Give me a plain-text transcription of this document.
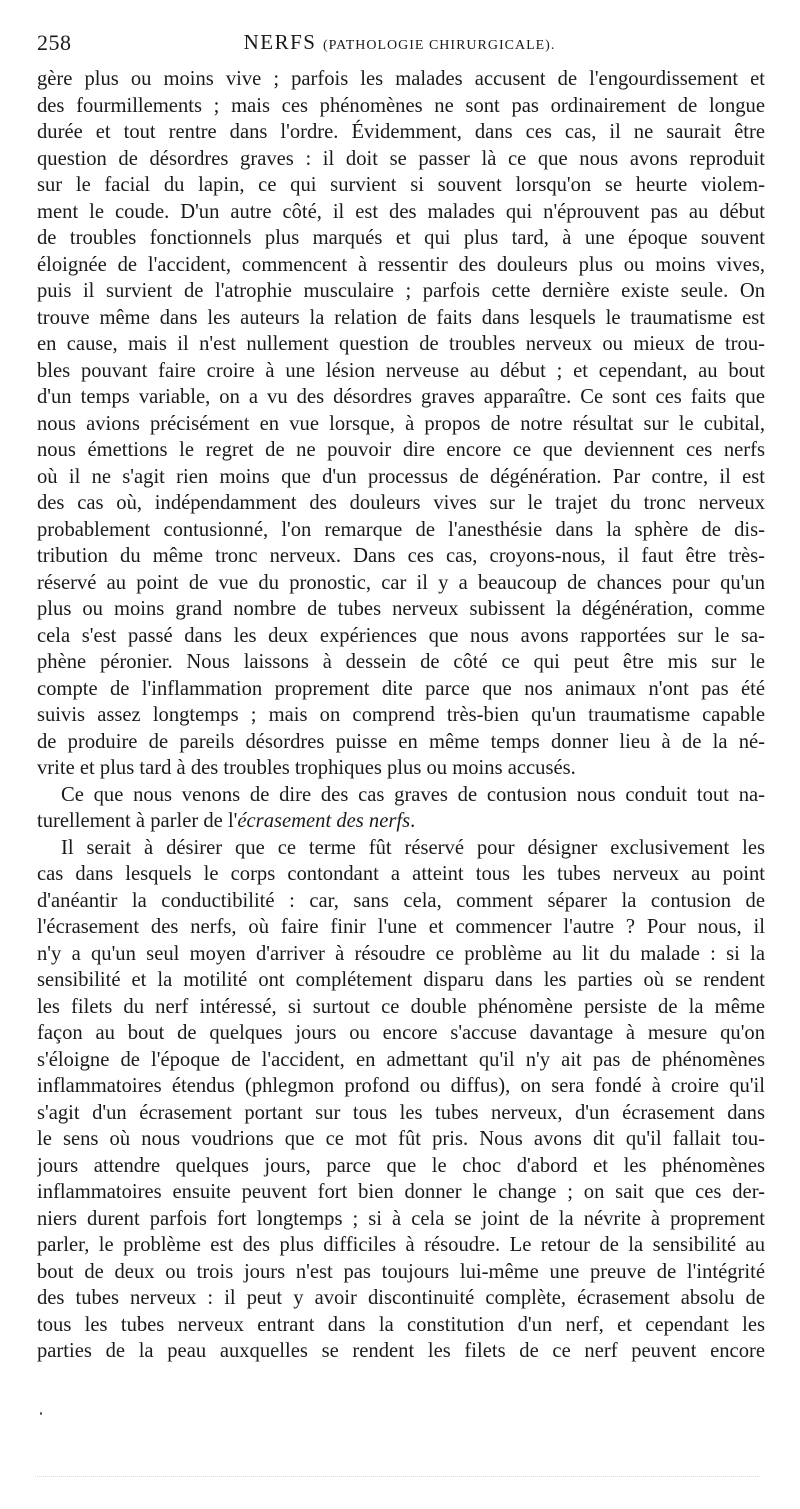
258	NERFS (PATHOLOGIE CHIRURGICALE).
gère plus ou moins vive ; parfois les malades accusent de l'engourdissement et
des fourmillements ; mais ces phénomènes ne sont pas ordinairement de longue
durée et tout rentre dans l'ordre. Évidemment, dans ces cas, il ne saurait être
question de désordres graves : il doit se passer là ce que nous avons reproduit
sur le facial du lapin, ce qui survient si souvent lorsqu'on se heurte violem-
ment le coude. D'un autre côté, il est des malades qui n'éprouvent pas au début
de troubles fonctionnels plus marqués et qui plus tard, à une époque souvent
éloignée de l'accident, commencent à ressentir des douleurs plus ou moins vives,
puis il survient de l'atrophie musculaire ; parfois cette dernière existe seule. On
trouve même dans les auteurs la relation de faits dans lesquels le traumatisme est
en cause, mais il n'est nullement question de troubles nerveux ou mieux de trou-
bles pouvant faire croire à une lésion nerveuse au début ; et cependant, au bout
d'un temps variable, on a vu des désordres graves apparaître. Ce sont ces faits que
nous avions précisément en vue lorsque, à propos de notre résultat sur le cubital,
nous émettions le regret de ne pouvoir dire encore ce que deviennent ces nerfs
où il ne s'agit rien moins que d'un processus de dégénération. Par contre, il est
des cas où, indépendamment des douleurs vives sur le trajet du tronc nerveux
probablement contusionné, l'on remarque de l'anesthésie dans la sphère de dis-
tribution du même tronc nerveux. Dans ces cas, croyons-nous, il faut être très-
réservé au point de vue du pronostic, car il y a beaucoup de chances pour qu'un
plus ou moins grand nombre de tubes nerveux subissent la dégénération, comme
cela s'est passé dans les deux expériences que nous avons rapportées sur le sa-
phène péronier. Nous laissons à dessein de côté ce qui peut être mis sur le
compte de l'inflammation proprement dite parce que nos animaux n'ont pas été
suivis assez longtemps ; mais on comprend très-bien qu'un traumatisme capable
de produire de pareils désordres puisse en même temps donner lieu à de la né-
vrite et plus tard à des troubles trophiques plus ou moins accusés.
Ce que nous venons de dire des cas graves de contusion nous conduit tout na-
turellement à parler de l'écrasement des nerfs.
Il serait à désirer que ce terme fût réservé pour désigner exclusivement les
cas dans lesquels le corps contondant a atteint tous les tubes nerveux au point
d'anéantir la conductibilité : car, sans cela, comment séparer la contusion de
l'écrasement des nerfs, où faire finir l'une et commencer l'autre ? Pour nous, il
n'y a qu'un seul moyen d'arriver à résoudre ce problème au lit du malade : si la
sensibilité et la motilité ont complétement disparu dans les parties où se rendent
les filets du nerf intéressé, si surtout ce double phénomène persiste de la même
façon au bout de quelques jours ou encore s'accuse davantage à mesure qu'on
s'éloigne de l'époque de l'accident, en admettant qu'il n'y ait pas de phénomènes
inflammatoires étendus (phlegmon profond ou diffus), on sera fondé à croire qu'il
s'agit d'un écrasement portant sur tous les tubes nerveux, d'un écrasement dans
le sens où nous voudrions que ce mot fût pris. Nous avons dit qu'il fallait tou-
jours attendre quelques jours, parce que le choc d'abord et les phénomènes
inflammatoires ensuite peuvent fort bien donner le change ; on sait que ces der-
niers durent parfois fort longtemps ; si à cela se joint de la névrite à proprement
parler, le problème est des plus difficiles à résoudre. Le retour de la sensibilité au
bout de deux ou trois jours n'est pas toujours lui-même une preuve de l'intégrité
des tubes nerveux : il peut y avoir discontinuité complète, écrasement absolu de
tous les tubes nerveux entrant dans la constitution d'un nerf, et cependant les
parties de la peau auxquelles se rendent les filets de ce nerf peuvent encore
